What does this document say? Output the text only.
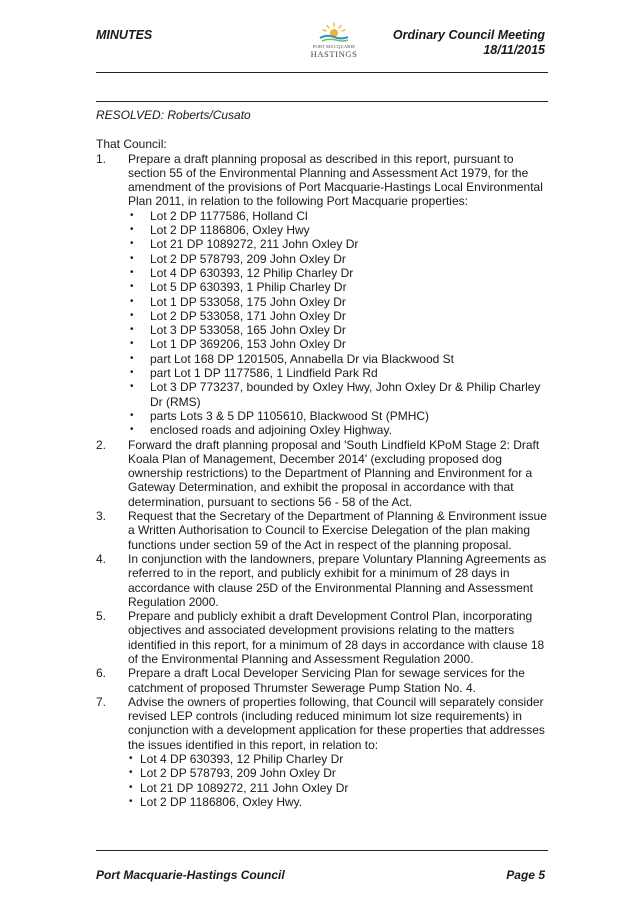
MINUTES
PORT MACQUARIE
HASTINGS
Ordinary Council Meeting
18/11/2015
RESOLVED: Roberts/Cusato
That Council:
1. Prepare a draft planning proposal as described in this report, pursuant to section 55 of the Environmental Planning and Assessment Act 1979, for the amendment of the provisions of Port Macquarie-Hastings Local Environmental Plan 2011, in relation to the following Port Macquarie properties:
• Lot 2 DP 1177586, Holland Cl
• Lot 2 DP 1186806, Oxley Hwy
• Lot 21 DP 1089272, 211 John Oxley Dr
• Lot 2 DP 578793, 209 John Oxley Dr
• Lot 4 DP 630393, 12 Philip Charley Dr
• Lot 5 DP 630393, 1 Philip Charley Dr
• Lot 1 DP 533058, 175 John Oxley Dr
• Lot 2 DP 533058, 171 John Oxley Dr
• Lot 3 DP 533058, 165 John Oxley Dr
• Lot 1 DP 369206, 153 John Oxley Dr
• part Lot 168 DP 1201505, Annabella Dr via Blackwood St
• part Lot 1 DP 1177586, 1 Lindfield Park Rd
• Lot 3 DP 773237, bounded by Oxley Hwy, John Oxley Dr & Philip Charley Dr (RMS)
• parts Lots 3 & 5 DP 1105610, Blackwood St (PMHC)
• enclosed roads and adjoining Oxley Highway.
2. Forward the draft planning proposal and 'South Lindfield KPoM Stage 2: Draft Koala Plan of Management, December 2014' (excluding proposed dog ownership restrictions) to the Department of Planning and Environment for a Gateway Determination, and exhibit the proposal in accordance with that determination, pursuant to sections 56 - 58 of the Act.
3. Request that the Secretary of the Department of Planning & Environment issue a Written Authorisation to Council to Exercise Delegation of the plan making functions under section 59 of the Act in respect of the planning proposal.
4. In conjunction with the landowners, prepare Voluntary Planning Agreements as referred to in the report, and publicly exhibit for a minimum of 28 days in accordance with clause 25D of the Environmental Planning and Assessment Regulation 2000.
5. Prepare and publicly exhibit a draft Development Control Plan, incorporating objectives and associated development provisions relating to the matters identified in this report, for a minimum of 28 days in accordance with clause 18 of the Environmental Planning and Assessment Regulation 2000.
6. Prepare a draft Local Developer Servicing Plan for sewage services for the catchment of proposed Thrumster Sewerage Pump Station No. 4.
7. Advise the owners of properties following, that Council will separately consider revised LEP controls (including reduced minimum lot size requirements) in conjunction with a development application for these properties that addresses the issues identified in this report, in relation to:
• Lot 4 DP 630393, 12 Philip Charley Dr
• Lot 2 DP 578793, 209 John Oxley Dr
• Lot 21 DP 1089272, 211 John Oxley Dr
• Lot 2 DP 1186806, Oxley Hwy.
Port Macquarie-Hastings Council	Page 5
